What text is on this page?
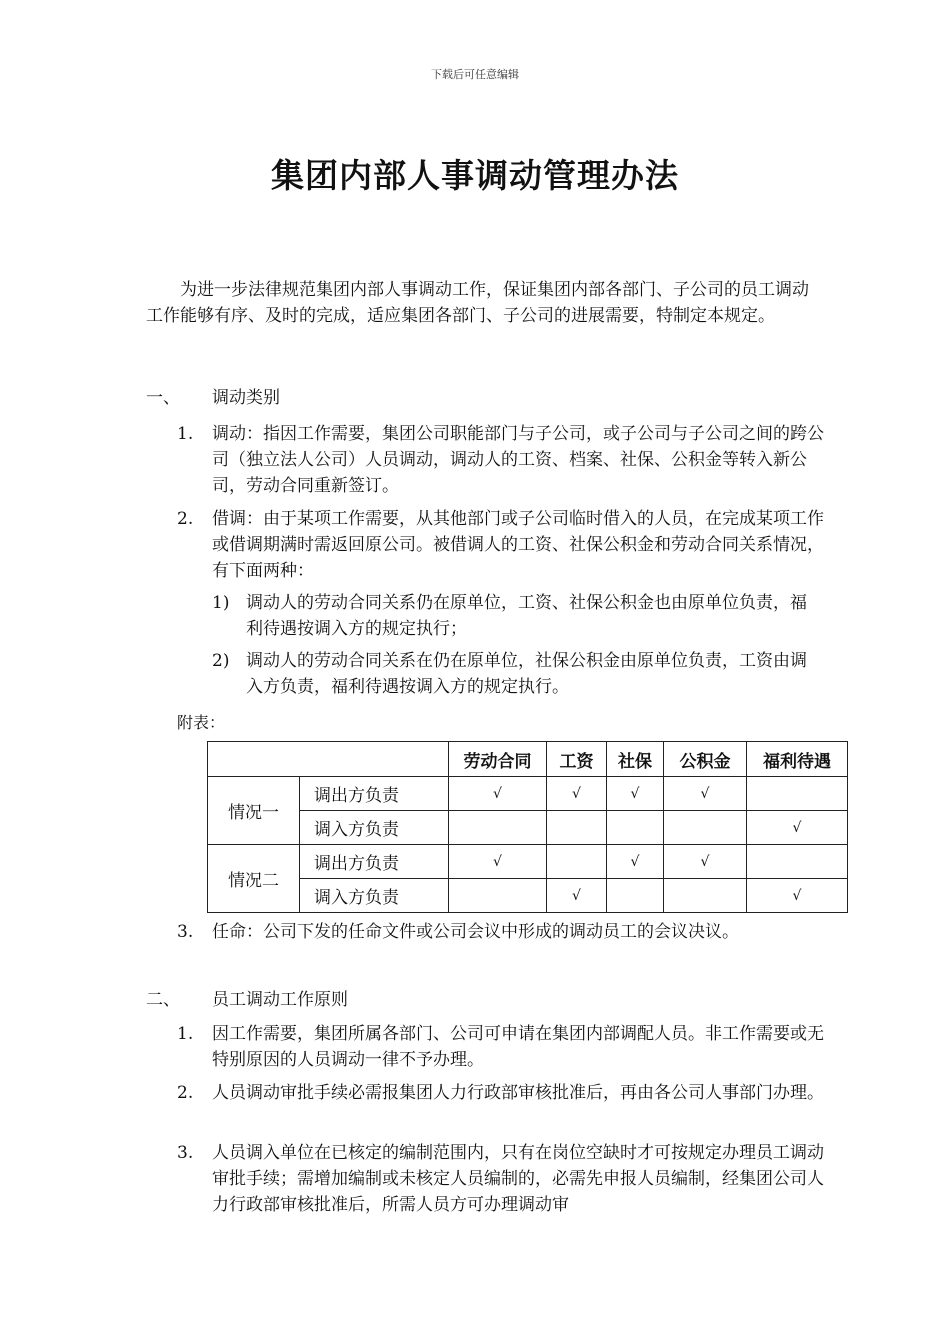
下载后可任意编辑
集团内部人事调动管理办法
为进一步法律规范集团内部人事调动工作，保证集团内部各部门、子公司的员工调动工作能够有序、及时的完成，适应集团各部门、子公司的进展需要，特制定本规定。
一、 调动类别
1.	调动：指因工作需要，集团公司职能部门与子公司，或子公司与子公司之间的跨公司（独立法人公司）人员调动，调动人的工资、档案、社保、公积金等转入新公司，劳动合同重新签订。
2.	借调：由于某项工作需要，从其他部门或子公司临时借入的人员，在完成某项工作或借调期满时需返回原公司。被借调人的工资、社保公积金和劳动合同关系情况，有下面两种：
1) 调动人的劳动合同关系仍在原单位，工资、社保公积金也由原单位负责，福利待遇按调入方的规定执行；
2) 调动人的劳动合同关系在仍在原单位，社保公积金由原单位负责，工资由调入方负责，福利待遇按调入方的规定执行。
附表：
		劳动合同	工资	社保	公积金	福利待遇
情况一	调出方负责	√	√	√	√	
	调入方负责					√
情况二	调出方负责	√		√	√	
	调入方负责		√			√
3.	任命：公司下发的任命文件或公司会议中形成的调动员工的会议决议。
二、 员工调动工作原则
1.	因工作需要，集团所属各部门、公司可申请在集团内部调配人员。非工作需要或无特别原因的人员调动一律不予办理。
2.	人员调动审批手续必需报集团人力行政部审核批准后，再由各公司人事部门办理。
3.	人员调入单位在已核定的编制范围内，只有在岗位空缺时才可按规定办理员工调动审批手续；需增加编制或未核定人员编制的，必需先申报人员编制，经集团公司人力行政部审核批准后，所需人员方可办理调动审
